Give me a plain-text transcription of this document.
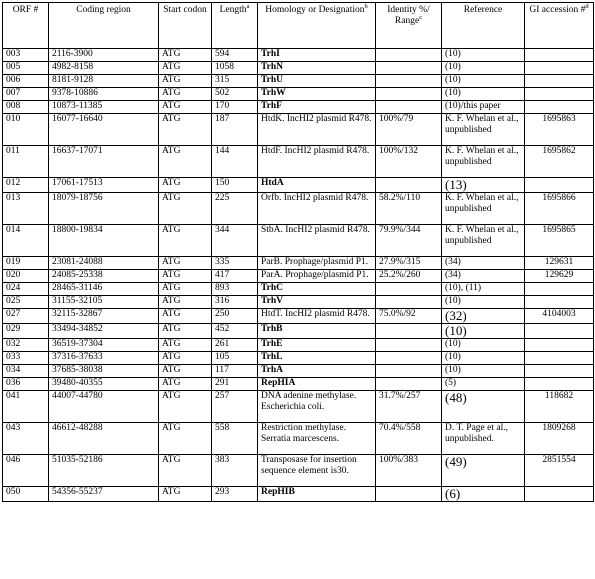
ORF #	Coding region	Start codon	Length$^a$	Homology or Designation$^b$	Identity %/ Range$^c$	Reference	GI accession #$^d$
003	2116-3900	ATG	594	TrhI		(10)	
005	4982-8158	ATG	1058	TrhN		(10)	
006	8181-9128	ATG	315	TrhU		(10)	
007	9378-10886	ATG	502	TrhW		(10)	
008	10873-11385	ATG	170	TrhF		(10)/this paper	
010	16077-16640	ATG	187	HtdK. IncHI2 plasmid R478.	100%/79	K. F. Whelan et al., unpublished	1695863
011	16637-17071	ATG	144	HtdF. IncHI2 plasmid R478.	100%/132	K. F. Whelan et al., unpublished	1695862
012	17061-17513	ATG	150	HtdA		(13)	
013	18079-18756	ATG	225	Orfb. IncHI2 plasmid R478.	58.2%/110	K. F. Whelan et al., unpublished	1695866
014	18800-19834	ATG	344	StbA. IncHI2 plasmid R478.	79.9%/344	K. F. Whelan et al., unpublished	1695865
019	23081-24088	ATG	335	ParB. Prophage/plasmid P1.	27.9%/315	(34)	129631
020	24085-25338	ATG	417	ParA. Prophage/plasmid P1.	25.2%/260	(34)	129629
024	28465-31146	ATG	893	TrhC		(10), (11)	
025	31155-32105	ATG	316	TrhV		(10)	
027	32115-32867	ATG	250	HtdT. IncHI2 plasmid R478.	75.0%/92	(32)	4104003
029	33494-34852	ATG	452	TrhB		(10)	
032	36519-37304	ATG	261	TrhE		(10)	
033	37316-37633	ATG	105	TrhL		(10)	
034	37685-38038	ATG	117	TrhA		(10)	
036	39480-40355	ATG	291	RepHIA		(5)	
041	44007-44780	ATG	257	DNA adenine methylase. Escherichia coli.	31.7%/257	(48)	118682
043	46612-48288	ATG	558	Restriction methylase. Serratia marcescens.	70.4%/558	D. T. Page et al., unpublished.	1809268
046	51035-52186	ATG	383	Transposase for insertion sequence element is30.	100%/383	(49)	2851554
050	54356-55237	ATG	293	RepHIB		(6)	
